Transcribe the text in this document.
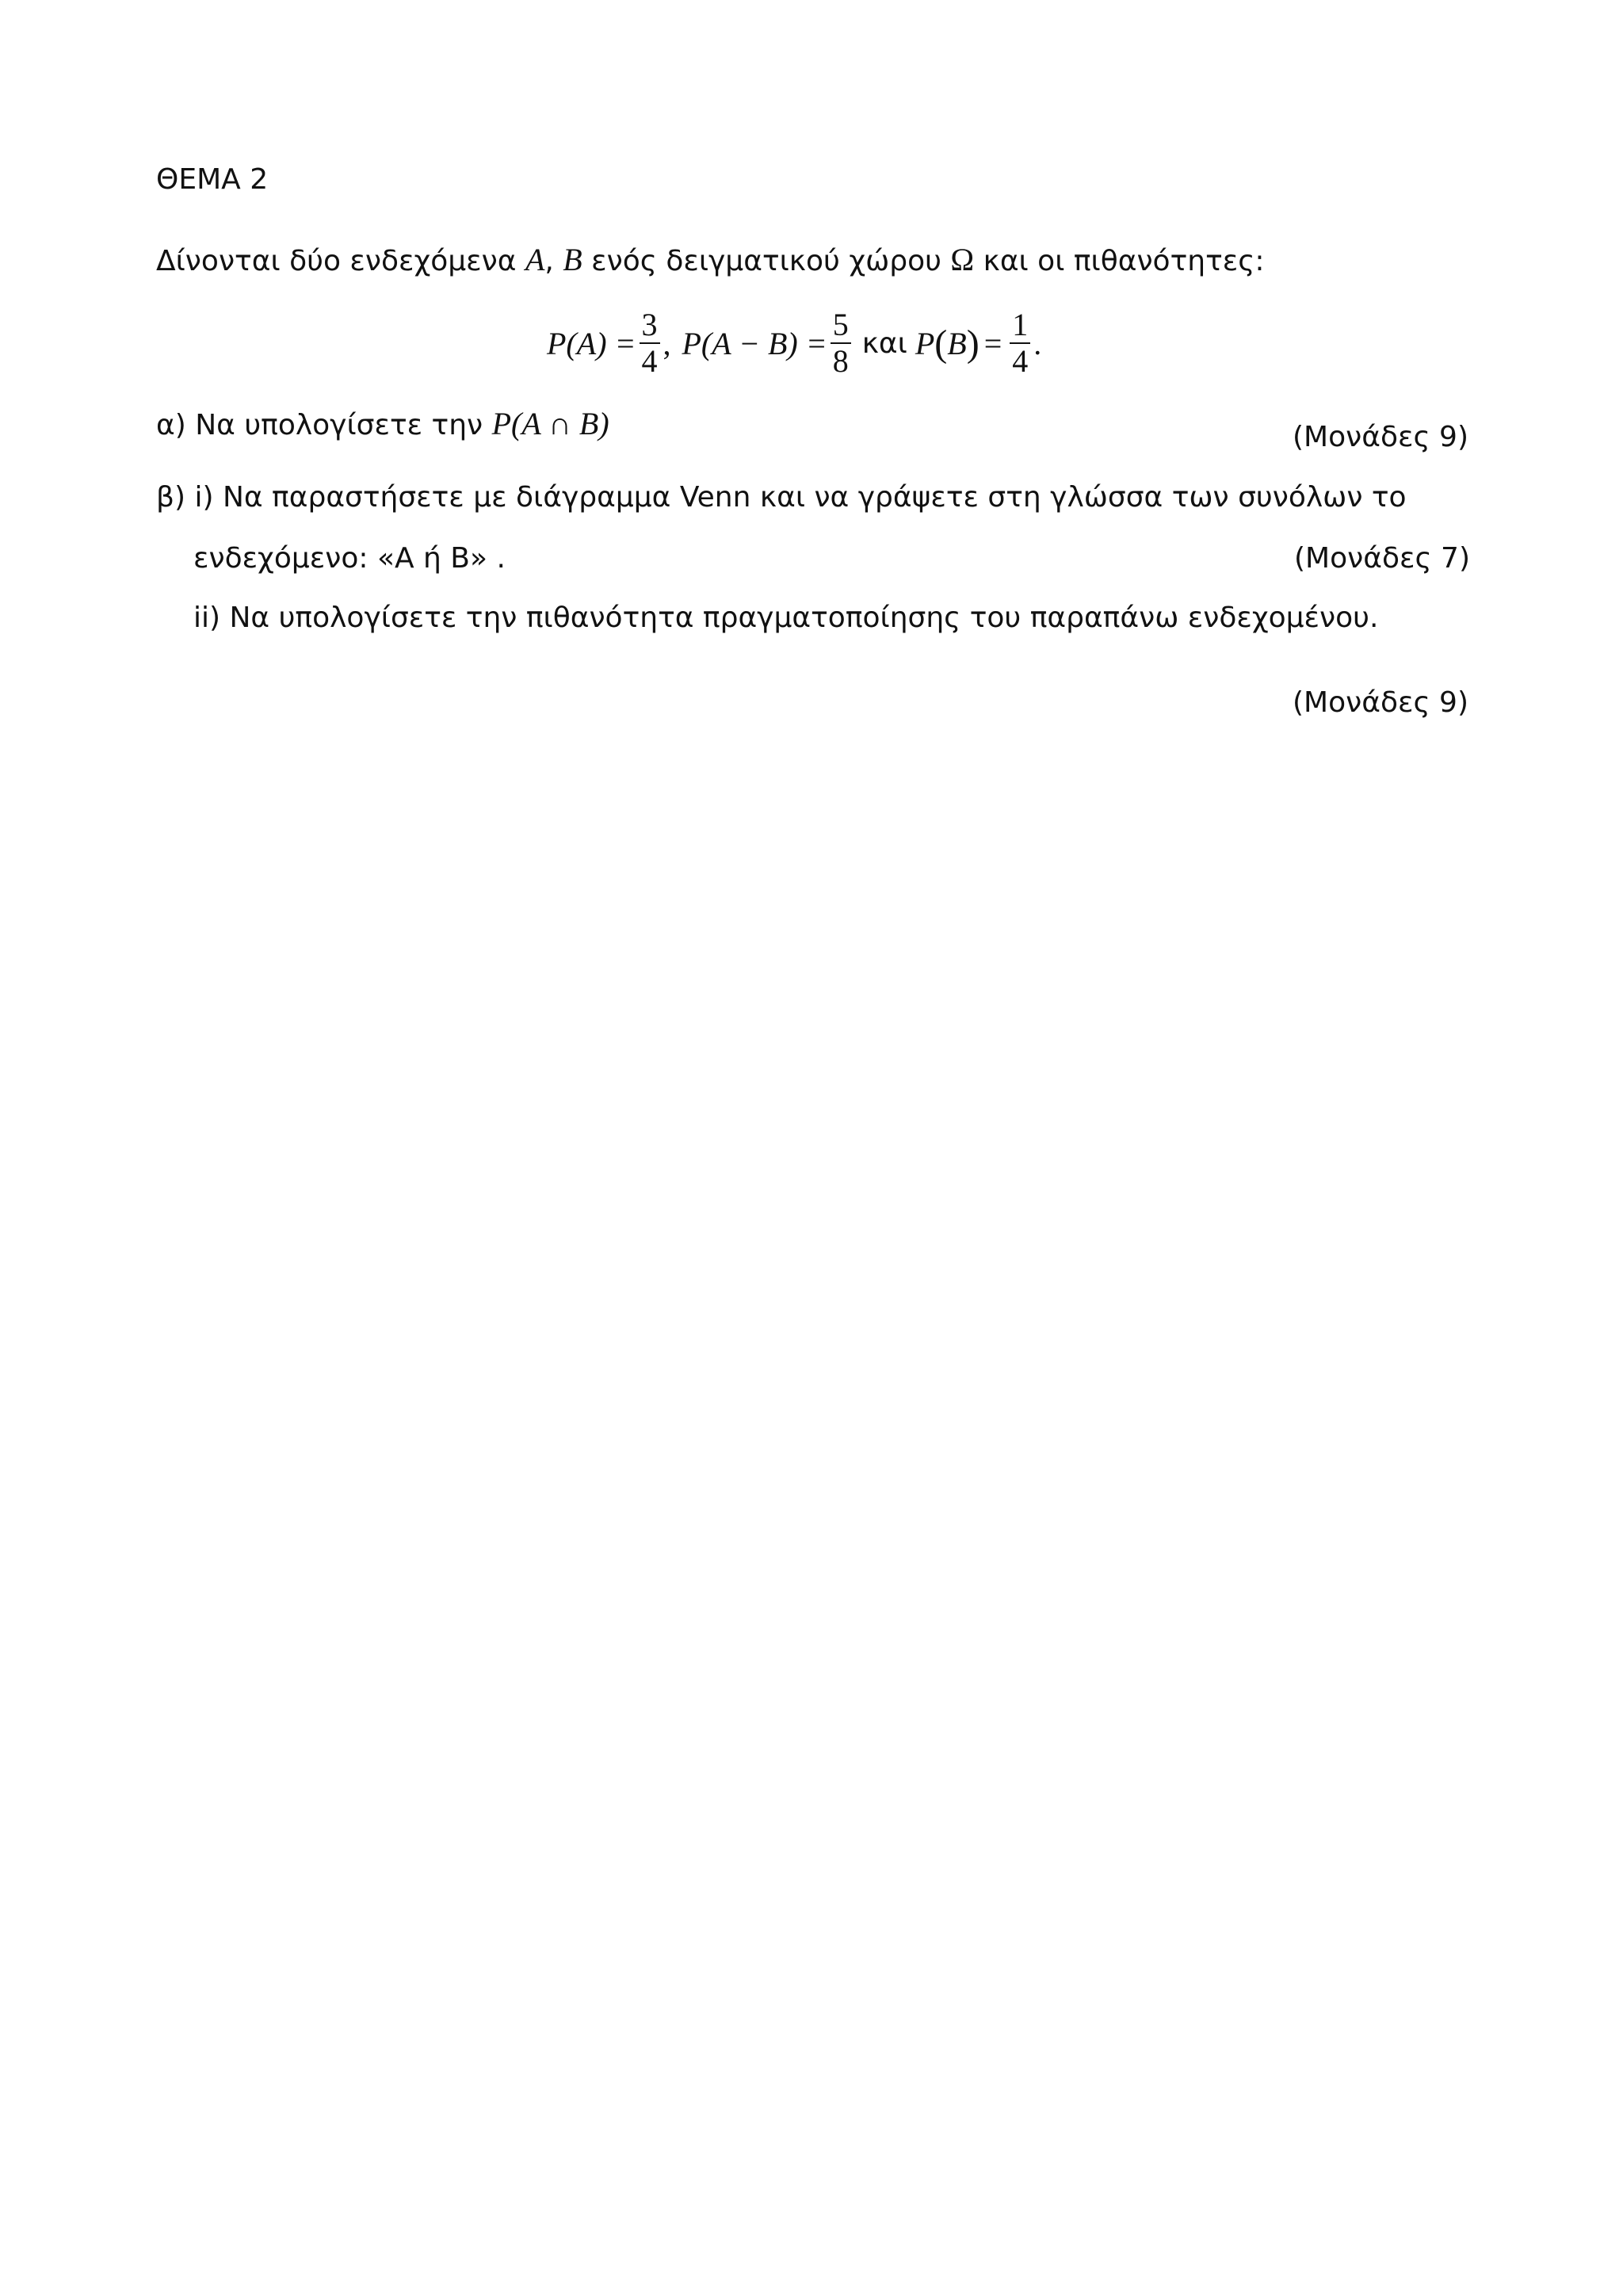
ΘΕΜΑ 2
Δίνονται δύο ενδεχόμενα A, B ενός δειγματικού χώρου Ω και οι πιθανότητες:
$P(A) = \frac{3}{4}$ , $P(A - B) = \frac{5}{8}$ και P ( B ) = $\frac{1}{4}$ .
α) Να υπολογίσετε την P(A ∩ B)	(Μονάδες 9)
β) i) Να παραστήσετε με διάγραμμα Venn και να γράψετε στη γλώσσα των συνόλων το
ενδεχόμενο: «Α ή Β» .	(Μονάδες 7)
ii) Να υπολογίσετε την πιθανότητα πραγματοποίησης του παραπάνω ενδεχομένου.
(Μονάδες 9)
